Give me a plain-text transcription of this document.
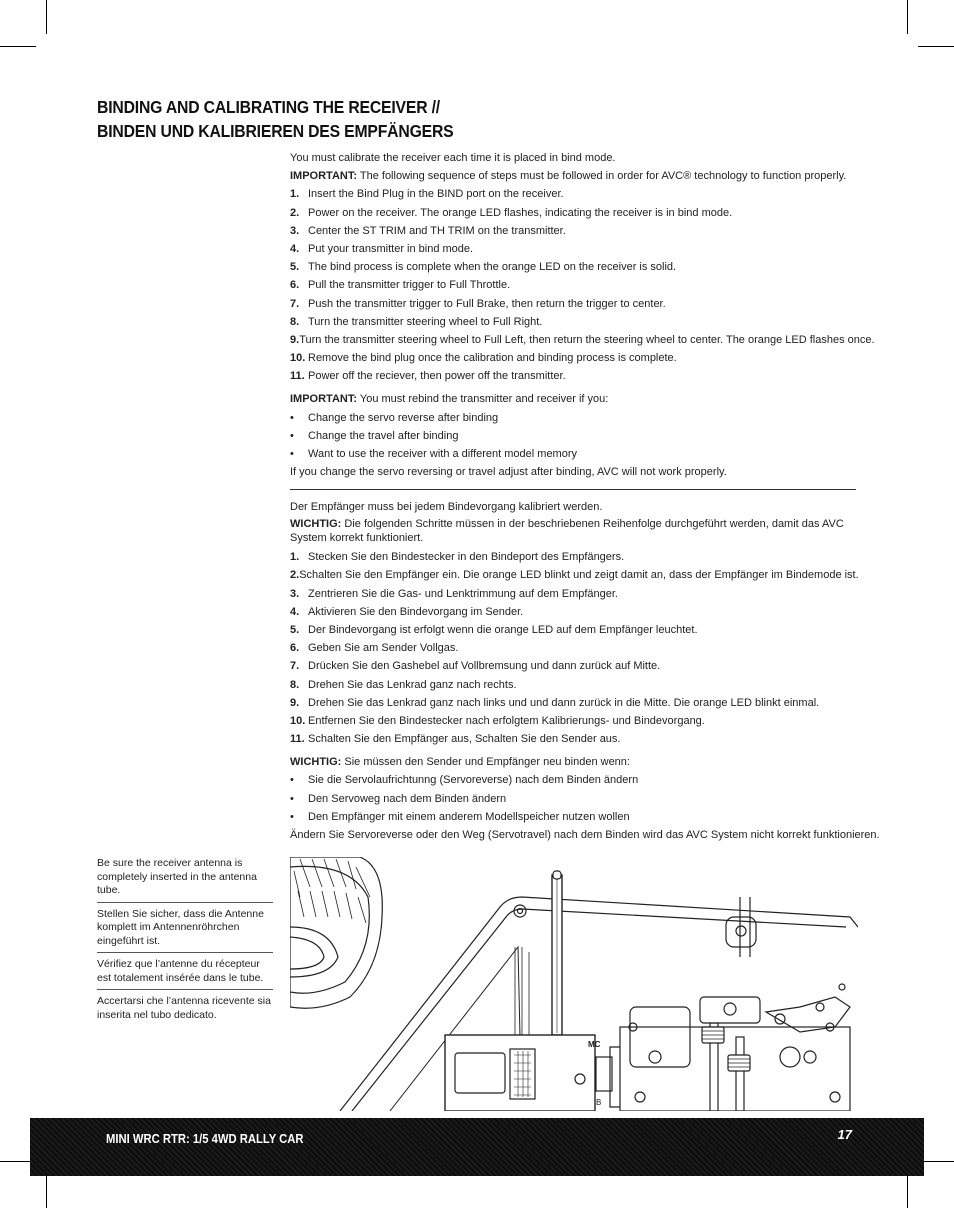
BINDING AND CALIBRATING THE RECEIVER //
BINDEN UND KALIBRIEREN DES EMPFÄNGERS

You must calibrate the receiver each time it is placed in bind mode.

IMPORTANT: The following sequence of steps must be followed in order for AVC® technology to function properly.

1. Insert the Bind Plug in the BIND port on the receiver.
2. Power on the receiver. The orange LED flashes, indicating the receiver is in bind mode.
3. Center the ST TRIM and TH TRIM on the transmitter.
4. Put your transmitter in bind mode.
5. The bind process is complete when the orange LED on the receiver is solid.
6. Pull the transmitter trigger to Full Throttle.
7. Push the transmitter trigger to Full Brake, then return the trigger to center.
8. Turn the transmitter steering wheel to Full Right.
9. Turn the transmitter steering wheel to Full Left, then return the steering wheel to center. The orange LED flashes once.
10. Remove the bind plug once the calibration and binding process is complete.
11. Power off the reciever, then power off the transmitter.

IMPORTANT: You must rebind the transmitter and receiver if you:

•	Change the servo reverse after binding
•	Change the travel after binding
•	Want to use the receiver with a different model memory

If you change the servo reversing or travel adjust after binding, AVC will not work properly.

Der Empfänger muss bei jedem Bindevorgang kalibriert werden.

WICHTIG: Die folgenden Schritte müssen in der beschriebenen Reihenfolge durchgeführt werden, damit das AVC System korrekt funktioniert.

1. Stecken Sie den Bindestecker in den Bindeport des Empfängers.
2. Schalten Sie den Empfänger ein. Die orange LED blinkt und zeigt damit an, dass der Empfänger im Bindemode ist.
3. Zentrieren Sie die Gas- und Lenktrimmung auf dem Empfänger.
4. Aktivieren Sie den Bindevorgang im Sender.
5. Der Bindevorgang ist erfolgt wenn die orange LED auf dem Empfänger leuchtet.
6. Geben Sie am Sender Vollgas.
7. Drücken Sie den Gashebel auf Vollbremsung und dann zurück auf Mitte.
8. Drehen Sie das Lenkrad ganz nach rechts.
9. Drehen Sie das Lenkrad ganz nach links und und dann zurück in die Mitte. Die orange LED blinkt einmal.
10. Entfernen Sie den Bindestecker nach erfolgtem Kalibrierungs- und Bindevorgang.
11. Schalten Sie den Empfänger aus, Schalten Sie den Sender aus.

WICHTIG: Sie müssen den Sender und Empfänger neu binden wenn:

•	Sie die Servolaufrichtunng (Servoreverse) nach dem Binden ändern
•	Den Servoweg nach dem Binden ändern
•	Den Empfänger mit einem anderem Modellspeicher nutzen wollen

Ändern Sie Servoreverse oder den Weg (Servotravel) nach dem Binden wird das AVC System nicht korrekt funktionieren.

Be sure the receiver antenna is completely inserted in the antenna tube.
Stellen Sie sicher, dass die Antenne komplett im Antennenröhrchen eingeführt ist.
Vérifiez que l’antenne du récepteur est totalement insérée dans le tube.
Accertarsi che l’antenna ricevente sia inserita nel tubo dedicato.
MC
B
MINI WRC RTR: 1/5 4WD RALLY CAR	17
